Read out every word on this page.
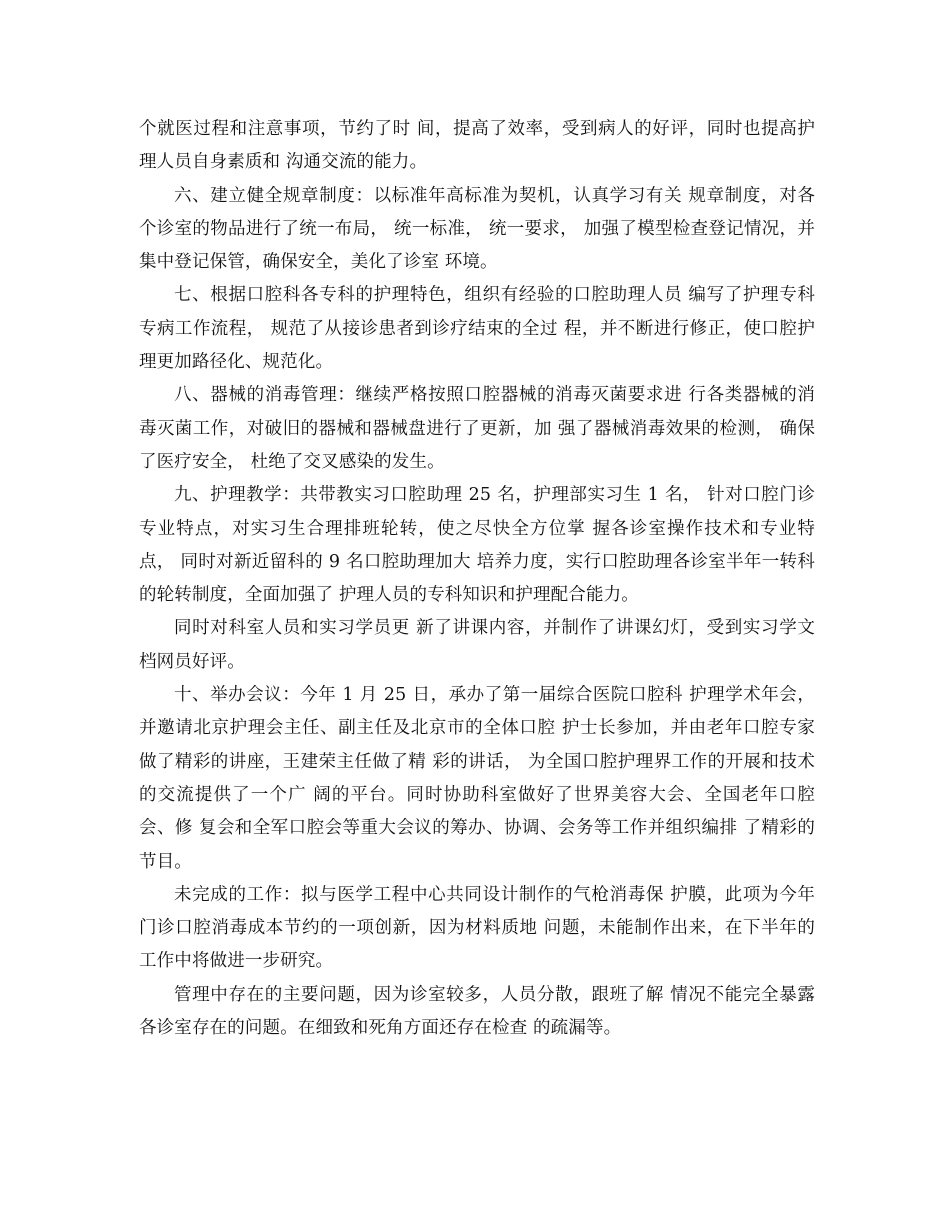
个就医过程和注意事项，节约了时 间，提高了效率，受到病人的好评，同时也提高护理人员自身素质和 沟通交流的能力。

六、建立健全规章制度：以标准年高标准为契机，认真学习有关 规章制度，对各个诊室的物品进行了统一布局， 统一标准， 统一要求， 加强了模型检查登记情况，并集中登记保管，确保安全，美化了诊室 环境。

七、根据口腔科各专科的护理特色，组织有经验的口腔助理人员 编写了护理专科专病工作流程， 规范了从接诊患者到诊疗结束的全过 程，并不断进行修正，使口腔护理更加路径化、规范化。

八、器械的消毒管理：继续严格按照口腔器械的消毒灭菌要求进 行各类器械的消毒灭菌工作，对破旧的器械和器械盘进行了更新，加 强了器械消毒效果的检测， 确保了医疗安全， 杜绝了交叉感染的发生。

九、护理教学：共带教实习口腔助理 25 名，护理部实习生 1 名， 针对口腔门诊专业特点，对实习生合理排班轮转，使之尽快全方位掌 握各诊室操作技术和专业特点， 同时对新近留科的 9 名口腔助理加大 培养力度，实行口腔助理各诊室半年一转科的轮转制度，全面加强了 护理人员的专科知识和护理配合能力。

同时对科室人员和实习学员更 新了讲课内容，并制作了讲课幻灯，受到实习学文档网员好评。

十、举办会议：今年 1 月 25 日，承办了第一届综合医院口腔科 护理学术年会，并邀请北京护理会主任、副主任及北京市的全体口腔 护士长参加，并由老年口腔专家做了精彩的讲座，王建荣主任做了精 彩的讲话， 为全国口腔护理界工作的开展和技术的交流提供了一个广 阔的平台。同时协助科室做好了世界美容大会、全国老年口腔会、修 复会和全军口腔会等重大会议的筹办、协调、会务等工作并组织编排 了精彩的节目。

未完成的工作：拟与医学工程中心共同设计制作的气枪消毒保 护膜，此项为今年门诊口腔消毒成本节约的一项创新，因为材料质地 问题，未能制作出来，在下半年的工作中将做进一步研究。

管理中存在的主要问题，因为诊室较多，人员分散，跟班了解 情况不能完全暴露各诊室存在的问题。在细致和死角方面还存在检查 的疏漏等。
